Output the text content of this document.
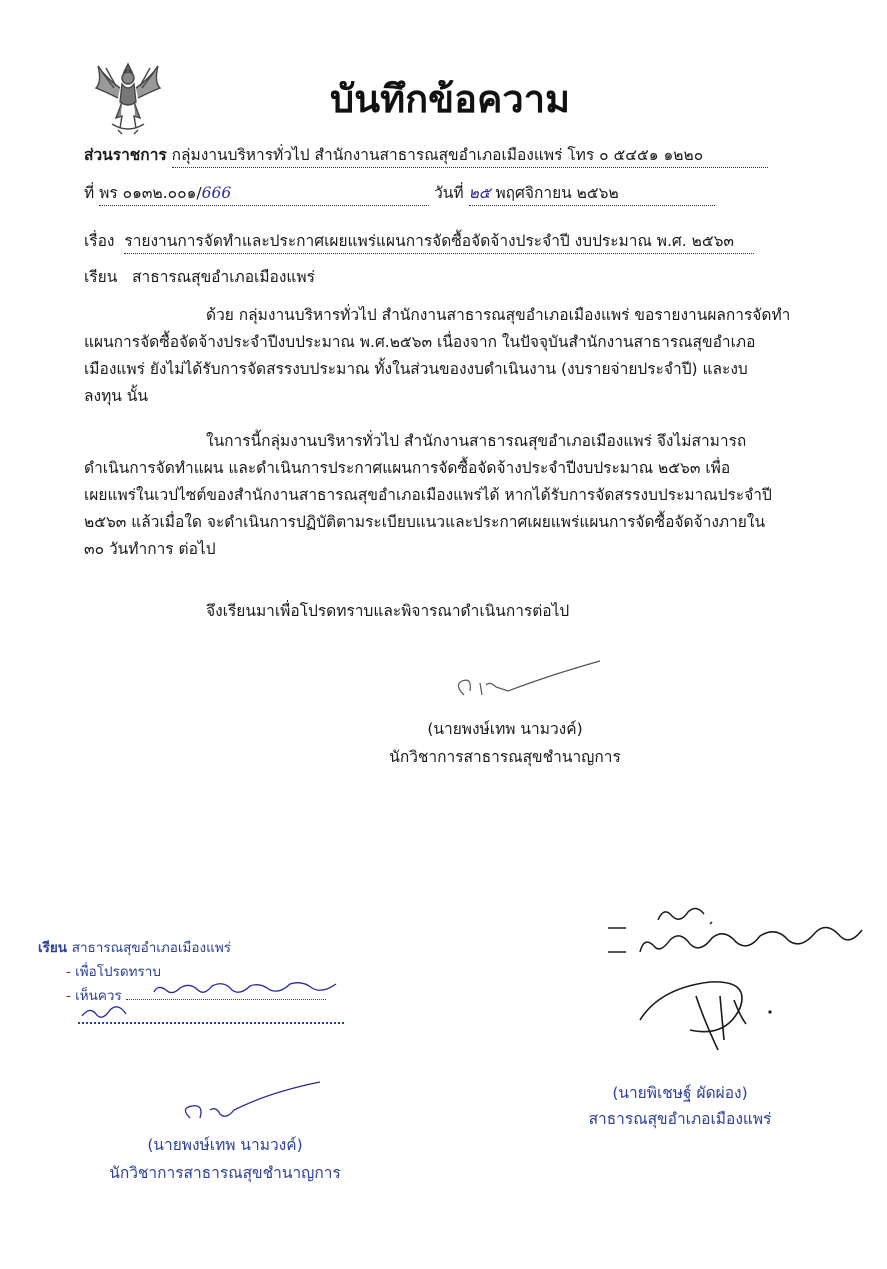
บันทึกข้อความ
ส่วนราชการ กลุ่มงานบริหารทั่วไป สำนักงานสาธารณสุขอำเภอเมืองแพร่ โทร ๐ ๕๔๕๑ ๑๒๒๐
ที่ พร ๐๑๓๒.๐๐๑/666	วันที่ ๒๕ พฤศจิกายน ๒๕๖๒
เรื่อง รายงานการจัดทำและประกาศเผยแพร่แผนการจัดซื้อจัดจ้างประจำปี งบประมาณ พ.ศ. ๒๕๖๓
เรียน สาธารณสุขอำเภอเมืองแพร่
ด้วย กลุ่มงานบริหารทั่วไป สำนักงานสาธารณสุขอำเภอเมืองแพร่ ขอรายงานผลการจัดทำ
แผนการจัดซื้อจัดจ้างประจำปีงบประมาณ พ.ศ.๒๕๖๓ เนื่องจาก ในปัจจุบันสำนักงานสาธารณสุขอำเภอ
เมืองแพร่ ยังไม่ได้รับการจัดสรรงบประมาณ ทั้งในส่วนของงบดำเนินงาน (งบรายจ่ายประจำปี) และงบ
ลงทุน นั้น
ในการนี้กลุ่มงานบริหารทั่วไป สำนักงานสาธารณสุขอำเภอเมืองแพร่ จึงไม่สามารถ
ดำเนินการจัดทำแผน และดำเนินการประกาศแผนการจัดซื้อจัดจ้างประจำปีงบประมาณ ๒๕๖๓ เพื่อ
เผยแพร่ในเวปไซต์ของสำนักงานสาธารณสุขอำเภอเมืองแพร่ได้ หากได้รับการจัดสรรงบประมาณประจำปี
๒๕๖๓ แล้วเมื่อใด จะดำเนินการปฏิบัติตามระเบียบแนวและประกาศเผยแพร่แผนการจัดซื้อจัดจ้างภายใน
๓๐ วันทำการ ต่อไป
จึงเรียนมาเพื่อโปรดทราบและพิจารณาดำเนินการต่อไป
(นายพงษ์เทพ นามวงค์)
นักวิชาการสาธารณสุขชำนาญการ
เรียน สาธารณสุขอำเภอเมืองแพร่
- เพื่อโปรดทราบ
- เห็นควร
(นายพงษ์เทพ นามวงค์)
นักวิชาการสาธารณสุขชำนาญการ
(นายพิเชษฐ์ ผัดผ่อง)
สาธารณสุขอำเภอเมืองแพร่
